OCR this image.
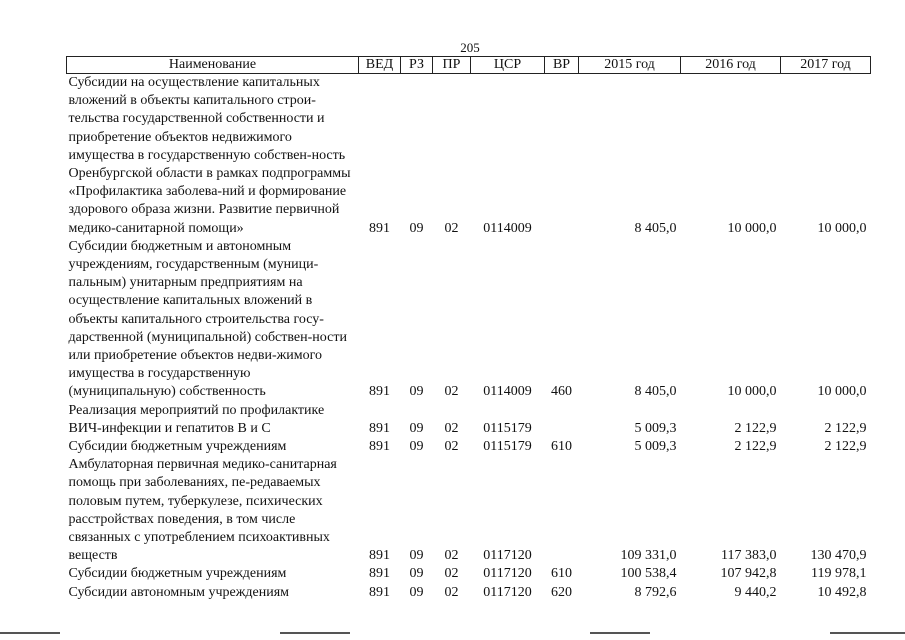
205
Наименование	ВЕД	РЗ	ПР	ЦСР	ВР	2015 год	2016 год	2017 год
Субсидии на осуществление капитальных вложений в объекты капитального строи-тельства государственной собственности и приобретение объектов недвижимого имущества в государственную собствен-ность Оренбургской области в рамках подпрограммы «Профилактика заболева-ний и формирование здорового образа жизни. Развитие первичной медико-санитарной помощи»	891	09	02	0114009		8 405,0	10 000,0	10 000,0
Субсидии бюджетным и автономным учреждениям, государственным (муници-пальным) унитарным предприятиям на осуществление капитальных вложений в объекты капитального строительства госу-дарственной (муниципальной) собствен-ности или приобретение объектов недви-жимого имущества в государственную (муниципальную) собственность	891	09	02	0114009	460	8 405,0	10 000,0	10 000,0
Реализация мероприятий по профилактике ВИЧ-инфекции и гепатитов В и С	891	09	02	0115179		5 009,3	2 122,9	2 122,9
Субсидии бюджетным учреждениям	891	09	02	0115179	610	5 009,3	2 122,9	2 122,9
Амбулаторная первичная медико-санитарная помощь при заболеваниях, пе-редаваемых половым путем, туберкулезе, психических расстройствах поведения, в том числе связанных с употреблением психоактивных веществ	891	09	02	0117120		109 331,0	117 383,0	130 470,9
Субсидии бюджетным учреждениям	891	09	02	0117120	610	100 538,4	107 942,8	119 978,1
Субсидии автономным учреждениям	891	09	02	0117120	620	8 792,6	9 440,2	10 492,8
